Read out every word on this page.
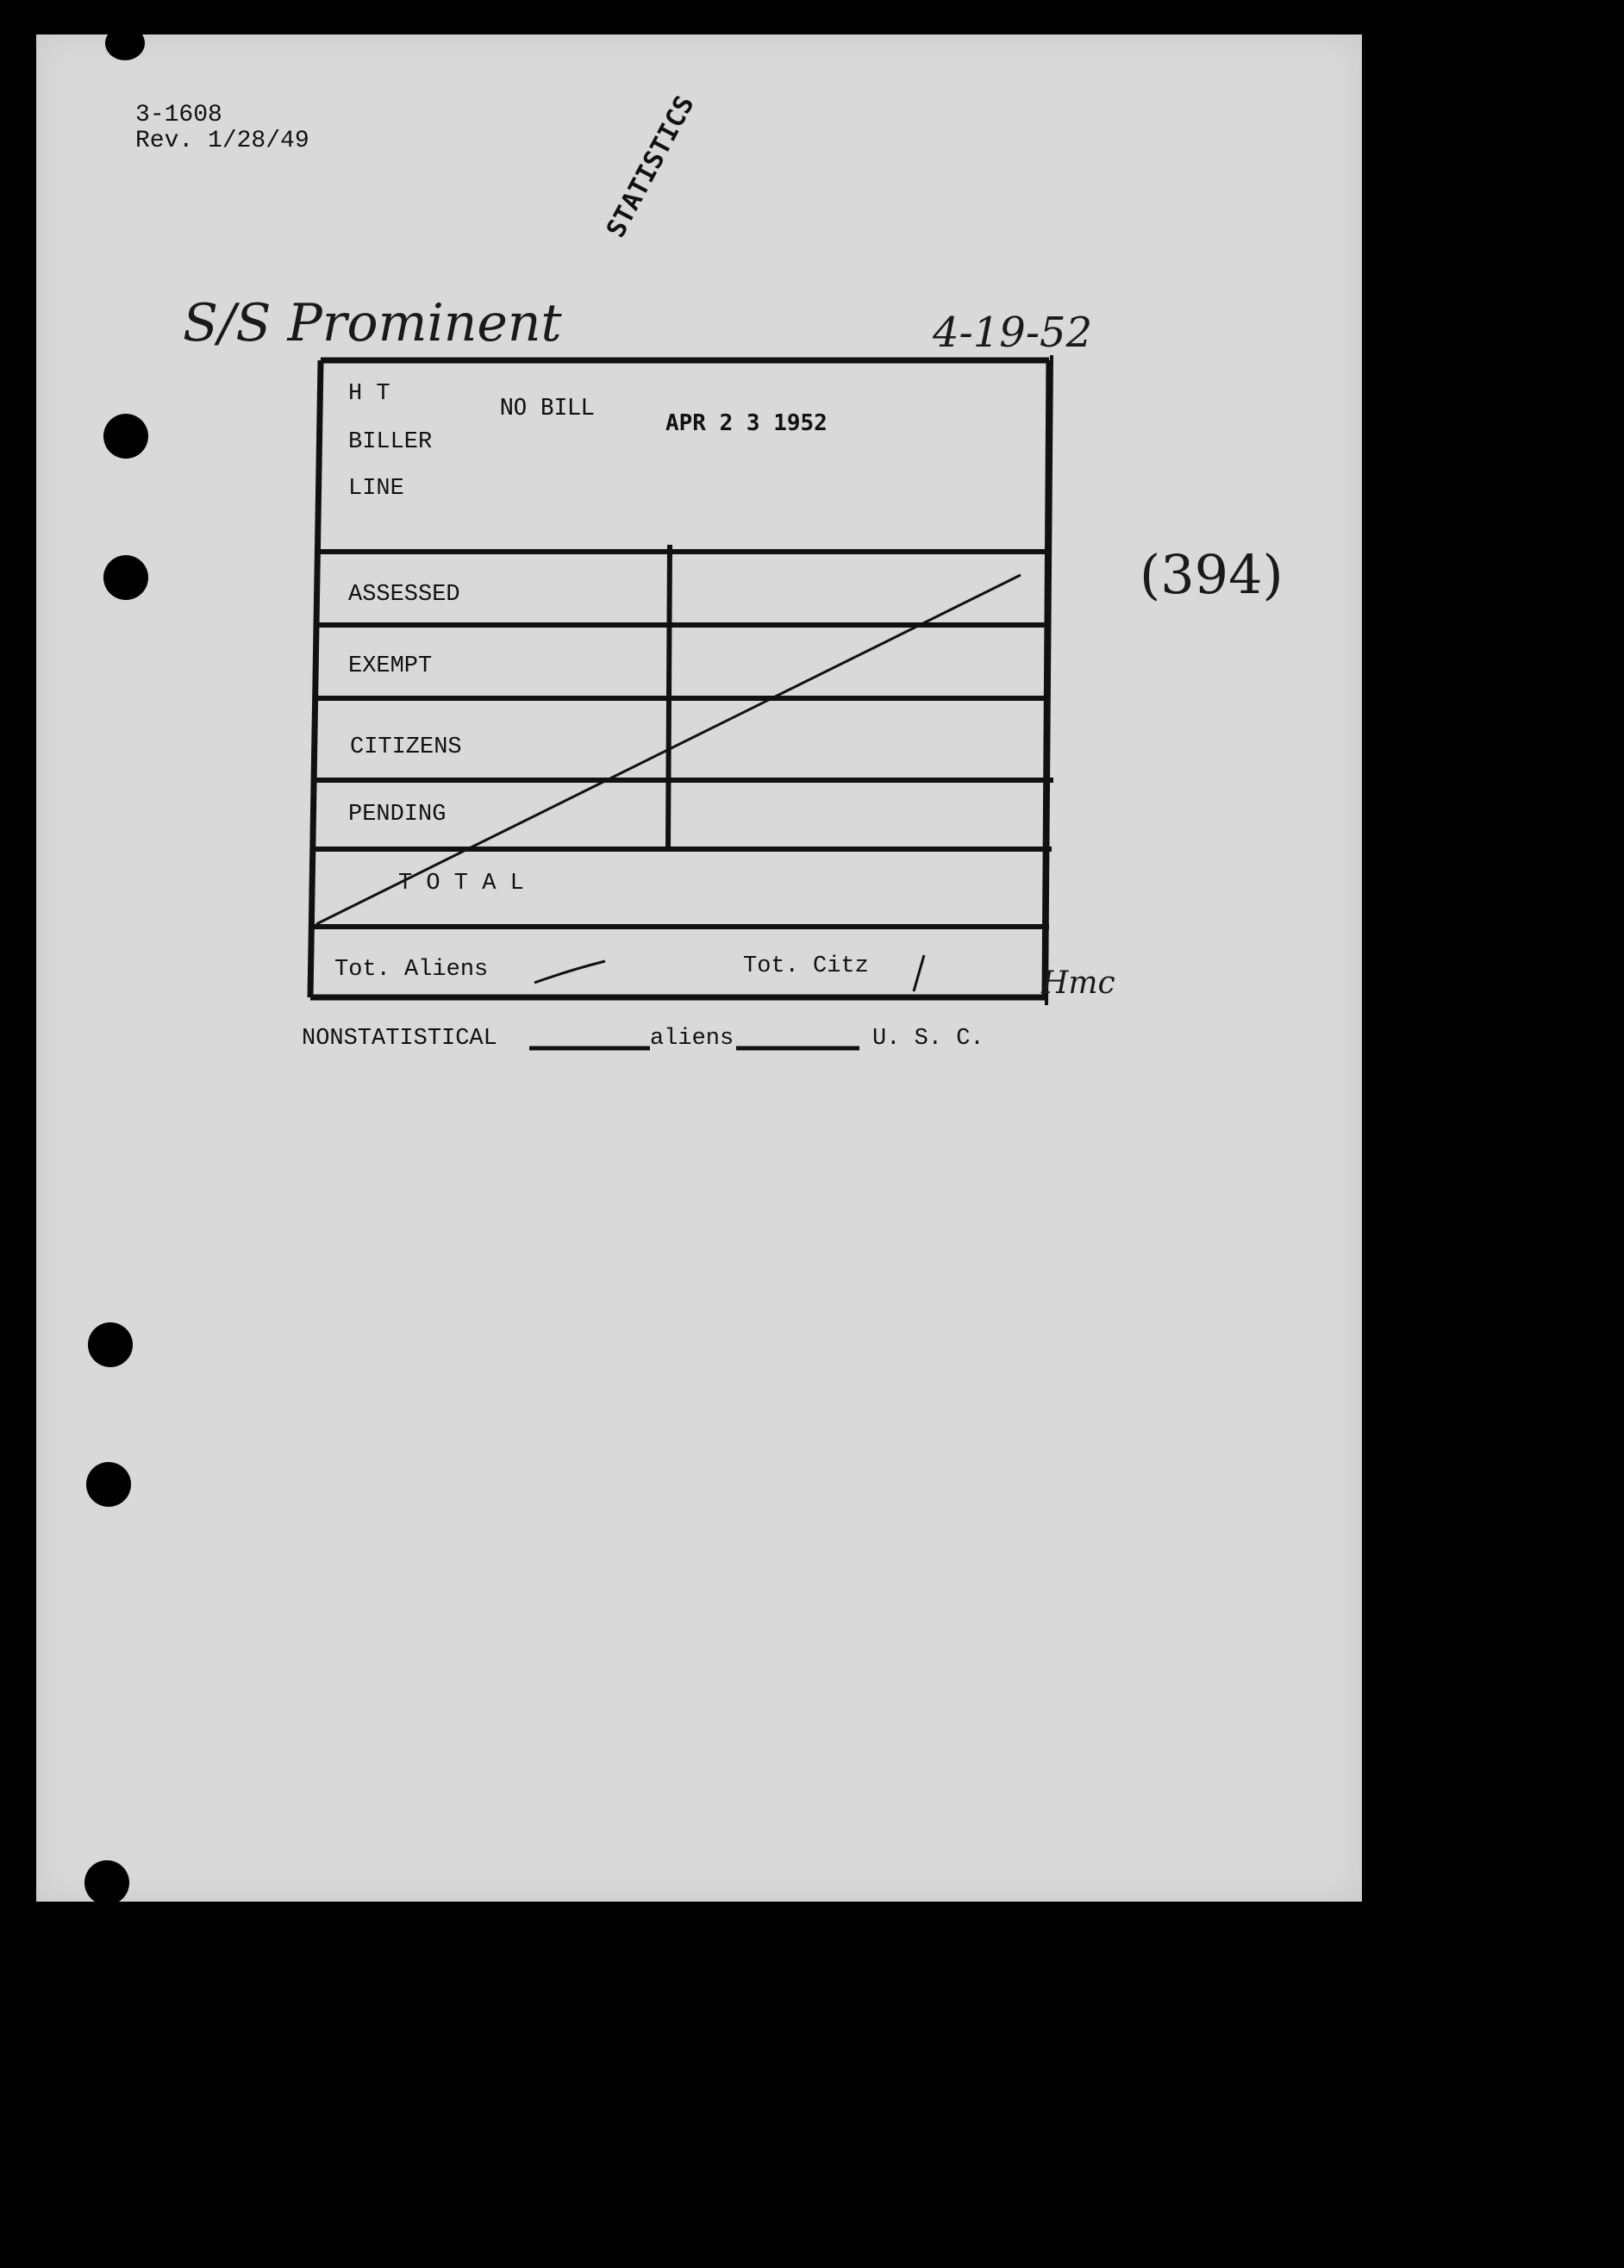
3-1608
Rev. 1/28/49	STATISTICS
S/S Prominent	4-19-52
(394)
H T
BILLER
LINE
NO BILL
APR 2 3 1952
ASSESSED
EXEMPT
CITIZENS
PENDING
T O T A L
Tot. Aliens	Tot. Citz	Hmc
NONSTATISTICAL	aliens	U. S. C.
